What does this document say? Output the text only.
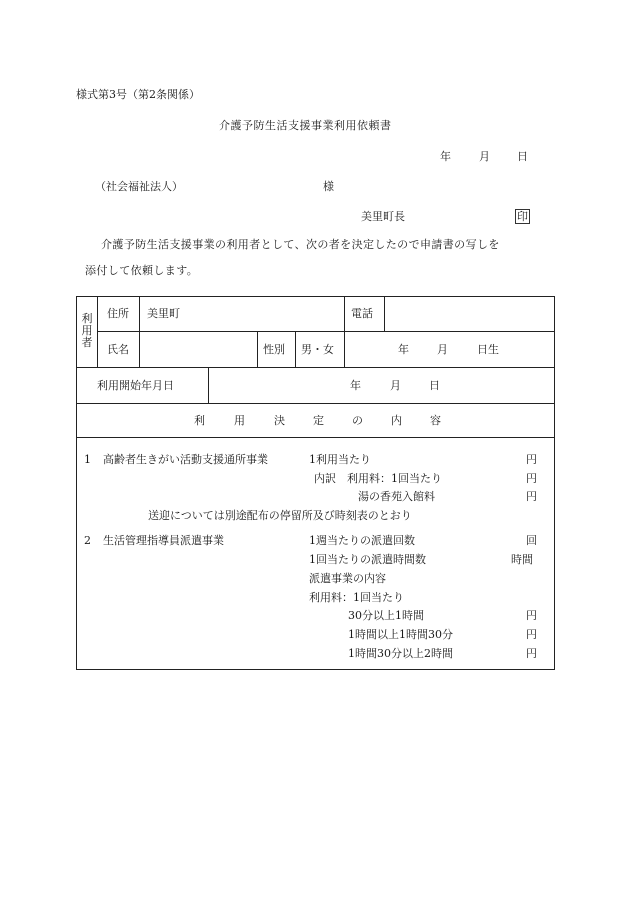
様式第3号（第2条関係）
介護予防生活支援事業利用依頼書
年	月 日
（社会福祉法人）	様
美里町長	印
介護予防生活支援事業の利用者として、次の者を決定したので申請書の写しを
添付して依頼します。
利
用
者
住所 美里町	電話
氏名	性別 男・女	年	月	日生
利用開始年月日	年	月	日
利	用	決	定	の	内	容
1 高齢者生きがい活動支援通所事業	1利用当たり	円
内訳 利用料：1回当たり	円
湯の香苑入館料	円
送迎については別途配布の停留所及び時刻表のとおり
2 生活管理指導員派遣事業	1週当たりの派遣回数	回
1回当たりの派遣時間数	時間
派遣事業の内容
利用料：1回当たり
30分以上1時間	円
1時間以上1時間30分	円
1時間30分以上2時間	円
